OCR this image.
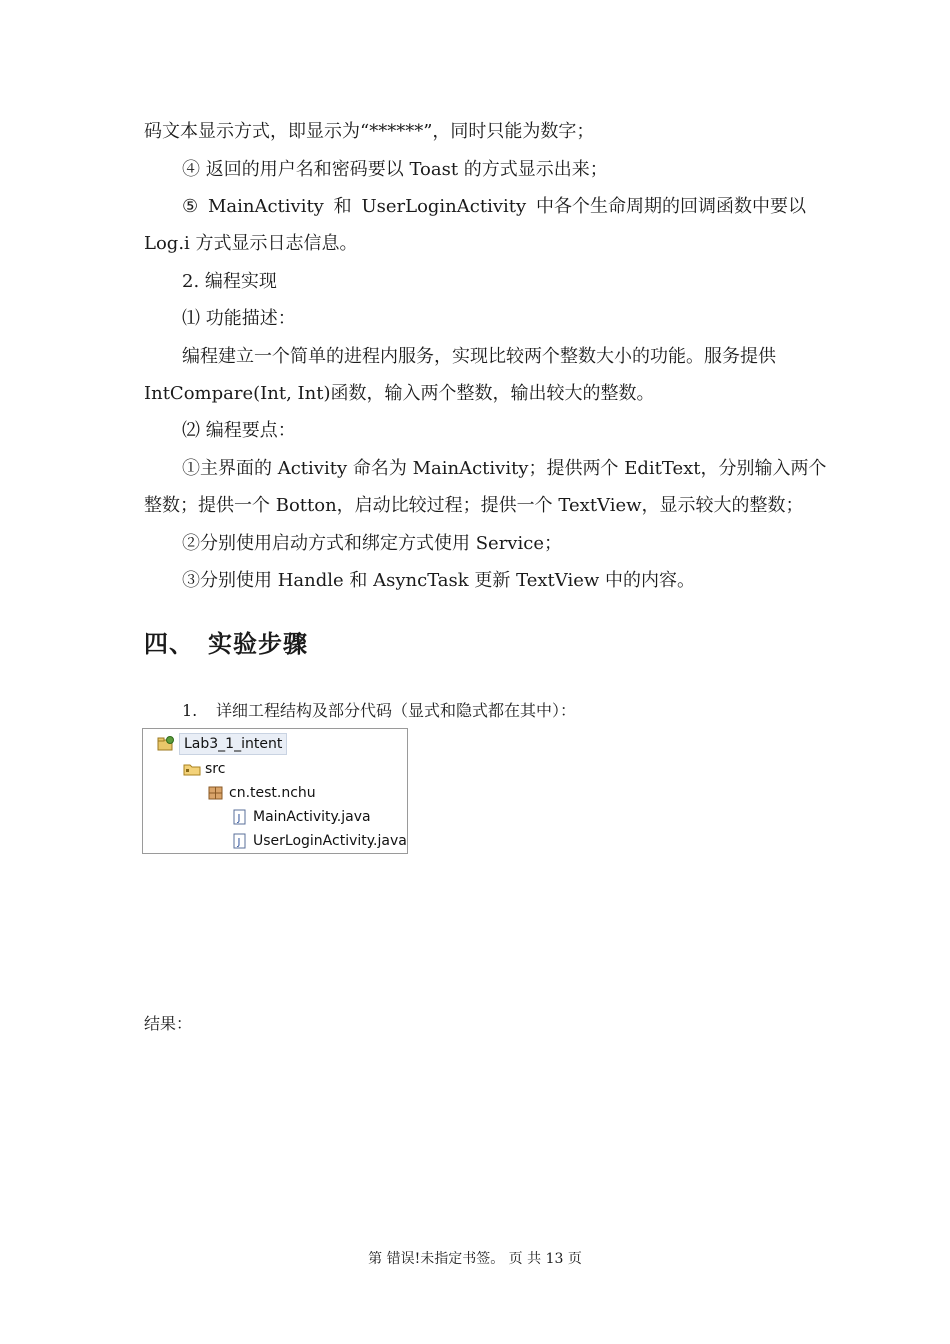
码文本显示方式，即显示为“******”，同时只能为数字；
④ 返回的用户名和密码要以 Toast 的方式显示出来；
⑤ MainActivity 和 UserLoginActivity 中各个生命周期的回调函数中要以
Log.i 方式显示日志信息。
2. 编程实现
⑴ 功能描述：
编程建立一个简单的进程内服务，实现比较两个整数大小的功能。服务提供
IntCompare(Int, Int)函数，输入两个整数，输出较大的整数。
⑵ 编程要点：
①主界面的 Activity 命名为 MainActivity；提供两个 EditText，分别输入两个
整数；提供一个 Botton，启动比较过程；提供一个 TextView，显示较大的整数；
②分别使用启动方式和绑定方式使用 Service；
③分别使用 Handle 和 AsyncTask 更新 TextView 中的内容。
四、 实验步骤
1. 详细工程结构及部分代码（显式和隐式都在其中）：
Lab3_1_intent
src
cn.test.nchu
J MainActivity.java
J UserLoginActivity.java
结果：
第 错误!未指定书签。 页 共 13 页
